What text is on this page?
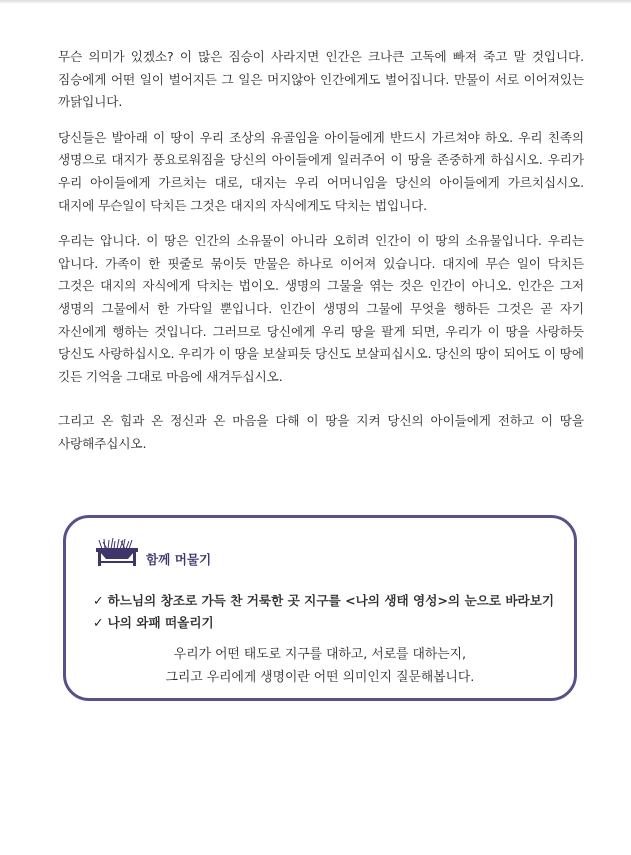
무슨 의미가 있겠소? 이 많은 짐승이 사라지면 인간은 크나큰 고독에 빠져 죽고 말 것입니다. 짐승에게 어떤 일이 벌어지든 그 일은 머지않아 인간에게도 벌어집니다. 만물이 서로 이어져있는 까닭입니다.

당신들은 발아래 이 땅이 우리 조상의 유골임을 아이들에게 반드시 가르쳐야 하오. 우리 친족의 생명으로 대지가 풍요로워짐을 당신의 아이들에게 일러주어 이 땅을 존중하게 하십시오. 우리가 우리 아이들에게 가르치는 대로, 대지는 우리 어머니임을 당신의 아이들에게 가르치십시오. 대지에 무슨일이 닥치든 그것은 대지의 자식에게도 닥치는 법입니다.

우리는 압니다. 이 땅은 인간의 소유물이 아니라 오히려 인간이 이 땅의 소유물입니다. 우리는 압니다. 가족이 한 핏줄로 묶이듯 만물은 하나로 이어져 있습니다. 대지에 무슨 일이 닥치든 그것은 대지의 자식에게 닥치는 법이오. 생명의 그물을 엮는 것은 인간이 아니오. 인간은 그저 생명의 그물에서 한 가닥일 뿐입니다. 인간이 생명의 그물에 무엇을 행하든 그것은 곧 자기 자신에게 행하는 것입니다. 그러므로 당신에게 우리 땅을 팔게 되면, 우리가 이 땅을 사랑하듯 당신도 사랑하십시오. 우리가 이 땅을 보살피듯 당신도 보살피십시오. 당신의 땅이 되어도 이 땅에 깃든 기억을 그대로 마음에 새겨두십시오.

그리고 온 힘과 온 정신과 온 마음을 다해 이 땅을 지켜 당신의 아이들에게 전하고 이 땅을 사랑해주십시오.

함께 머물기
✓ 하느님의 창조로 가득 찬 거룩한 곳 지구를 <나의 생태 영성>의 눈으로 바라보기
✓ 나의 와패 떠올리기
우리가 어떤 태도로 지구를 대하고, 서로를 대하는지,
그리고 우리에게 생명이란 어떤 의미인지 질문해봅니다.
